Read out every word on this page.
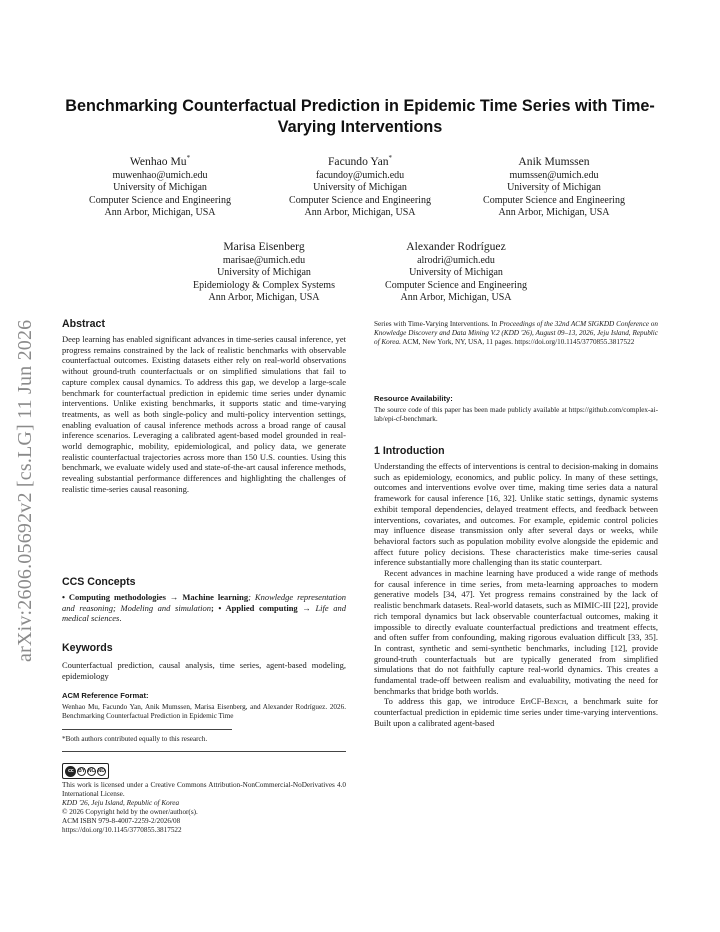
arXiv:2606.05692v2 [cs.LG] 11 Jun 2026
Benchmarking Counterfactual Prediction in Epidemic Time Series with Time-Varying Interventions
Wenhao Mu*
muwenhao@umich.edu
University of Michigan
Computer Science and Engineering
Ann Arbor, Michigan, USA
Facundo Yan*
facundoy@umich.edu
University of Michigan
Computer Science and Engineering
Ann Arbor, Michigan, USA
Anik Mumssen
mumssen@umich.edu
University of Michigan
Computer Science and Engineering
Ann Arbor, Michigan, USA
Marisa Eisenberg
marisae@umich.edu
University of Michigan
Epidemiology & Complex Systems
Ann Arbor, Michigan, USA
Alexander Rodríguez
alrodri@umich.edu
University of Michigan
Computer Science and Engineering
Ann Arbor, Michigan, USA
Abstract

Deep learning has enabled significant advances in time-series causal inference, yet progress remains constrained by the lack of realistic benchmarks with observable counterfactual outcomes. Existing datasets either rely on real-world observations without ground-truth counterfactuals or on simplified simulations that fail to capture complex causal dynamics. To address this gap, we develop a large-scale benchmark for counterfactual prediction in epidemic time series under dynamic interventions. Unlike existing benchmarks, it supports static and time-varying treatments, as well as both single-policy and multi-policy intervention settings, enabling evaluation of causal inference methods across a broad range of causal inference scenarios. Leveraging a calibrated agent-based model grounded in real-world demographic, mobility, epidemiological, and policy data, we generate realistic counterfactual trajectories across more than 150 U.S. counties. Using this benchmark, we evaluate widely used and state-of-the-art causal inference methods, revealing substantial performance differences and highlighting the challenges of realistic time-series causal reasoning.

CCS Concepts

• Computing methodologies → Machine learning; Knowledge representation and reasoning; Modeling and simulation; • Applied computing → Life and medical sciences.

Keywords

Counterfactual prediction, causal analysis, time series, agent-based modeling, epidemiology

ACM Reference Format:

Wenhao Mu, Facundo Yan, Anik Mumssen, Marisa Eisenberg, and Alexander Rodríguez. 2026. Benchmarking Counterfactual Prediction in Epidemic Time

*Both authors contributed equally to this research.

cc BY NC ND

This work is licensed under a Creative Commons Attribution-NonCommercial-NoDerivatives 4.0 International License.

KDD '26, Jeju Island, Republic of Korea

© 2026 Copyright held by the owner/author(s).

ACM ISBN 979-8-4007-2259-2/2026/08

https://doi.org/10.1145/3770855.3817522

Series with Time-Varying Interventions. In Proceedings of the 32nd ACM SIGKDD Conference on Knowledge Discovery and Data Mining V.2 (KDD '26), August 09–13, 2026, Jeju Island, Republic of Korea. ACM, New York, NY, USA, 11 pages. https://doi.org/10.1145/3770855.3817522

Resource Availability:

The source code of this paper has been made publicly available at https://github.com/complex-ai-lab/epi-cf-benchmark.

1 Introduction

Understanding the effects of interventions is central to decision-making in domains such as epidemiology, economics, and public policy. In many of these settings, outcomes and interventions evolve over time, making time series data a natural framework for causal inference [16, 32]. Unlike static settings, dynamic systems exhibit temporal dependencies, delayed treatment effects, and feedback between interventions, covariates, and outcomes. For example, epidemic control policies may influence disease transmission only after several days or weeks, while behavioral factors such as population mobility evolve alongside the epidemic and affect future policy decisions. These characteristics make time-series causal inference substantially more challenging than its static counterpart.

Recent advances in machine learning have produced a wide range of methods for causal inference in time series, from meta-learning approaches to modern generative models [34, 47]. Yet progress remains constrained by the lack of realistic benchmark datasets. Real-world datasets, such as MIMIC-III [22], provide rich temporal dynamics but lack observable counterfactual outcomes, making it impossible to directly evaluate counterfactual predictions and treatment effects, and often suffer from confounding, making rigorous evaluation difficult [33, 35]. In contrast, synthetic and semi-synthetic benchmarks, including [12], provide ground-truth counterfactuals but are typically generated from simplified simulations that do not faithfully capture real-world dynamics. This creates a fundamental trade-off between realism and evaluability, motivating the need for benchmarks that bridge both worlds.

To address this gap, we introduce EpiCF-Bench, a benchmark suite for counterfactual prediction in epidemic time series under time-varying interventions. Built upon a calibrated agent-based
